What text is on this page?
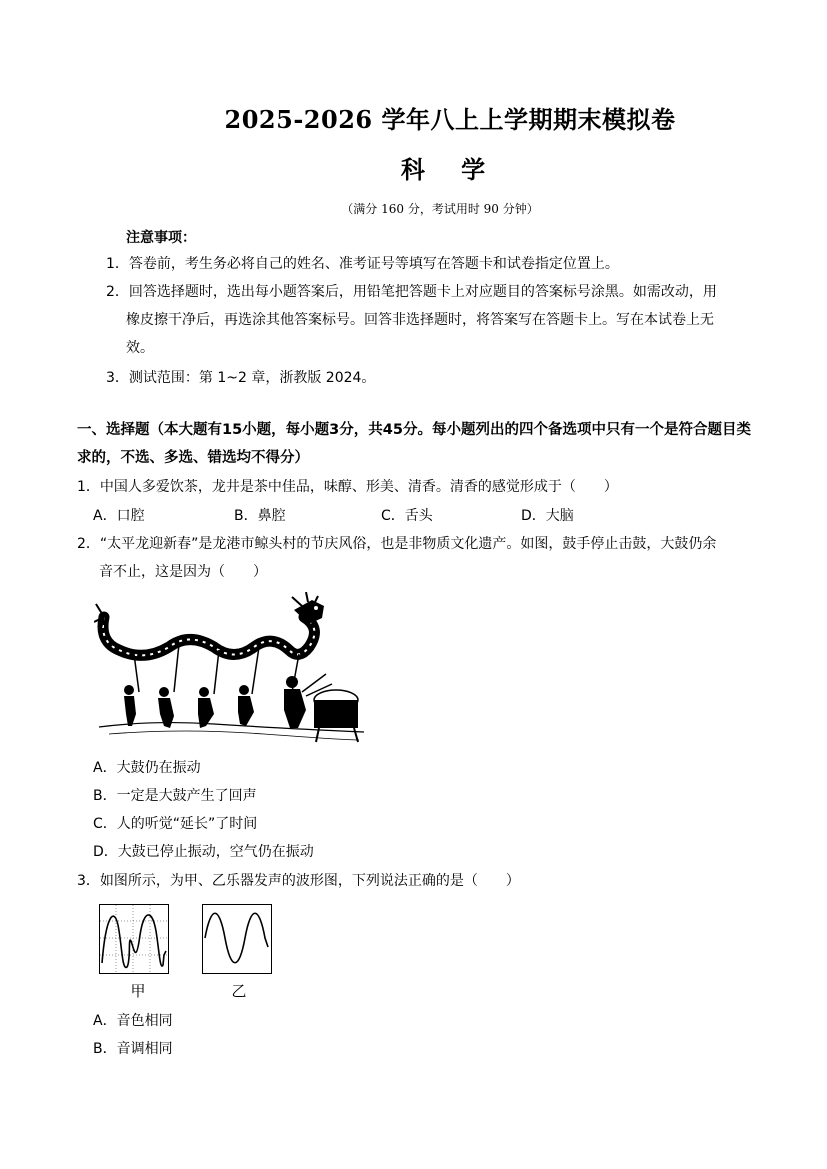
2025-2026 学年八上上学期期末模拟卷
科 学
（满分 160 分，考试用时 90 分钟）
注意事项：
1．答卷前，考生务必将自己的姓名、准考证号等填写在答题卡和试卷指定位置上。
2．回答选择题时，选出每小题答案后，用铅笔把答题卡上对应题目的答案标号涂黑。如需改动，用
橡皮擦干净后，再选涂其他答案标号。回答非选择题时，将答案写在答题卡上。写在本试卷上无
效。
3．测试范围：第 1~2 章，浙教版 2024。
一、选择题（本大题有15小题，每小题3分，共45分。每小题列出的四个备选项中只有一个是符合题目类
求的，不选、多选、错选均不得分）
1．中国人多爱饮茶，龙井是茶中佳品，味醇、形美、清香。清香的感觉形成于（　　）
A．口腔	B．鼻腔	C．舌头	D．大脑
2．“太平龙迎新春”是龙港市鲸头村的节庆风俗，也是非物质文化遗产。如图，鼓手停止击鼓，大鼓仍余
音不止，这是因为（　　）
A．大鼓仍在振动
B．一定是大鼓产生了回声
C．人的听觉“延长”了时间
D．大鼓已停止振动，空气仍在振动
3．如图所示，为甲、乙乐器发声的波形图，下列说法正确的是（　　）
甲	乙
A．音色相同
B．音调相同
